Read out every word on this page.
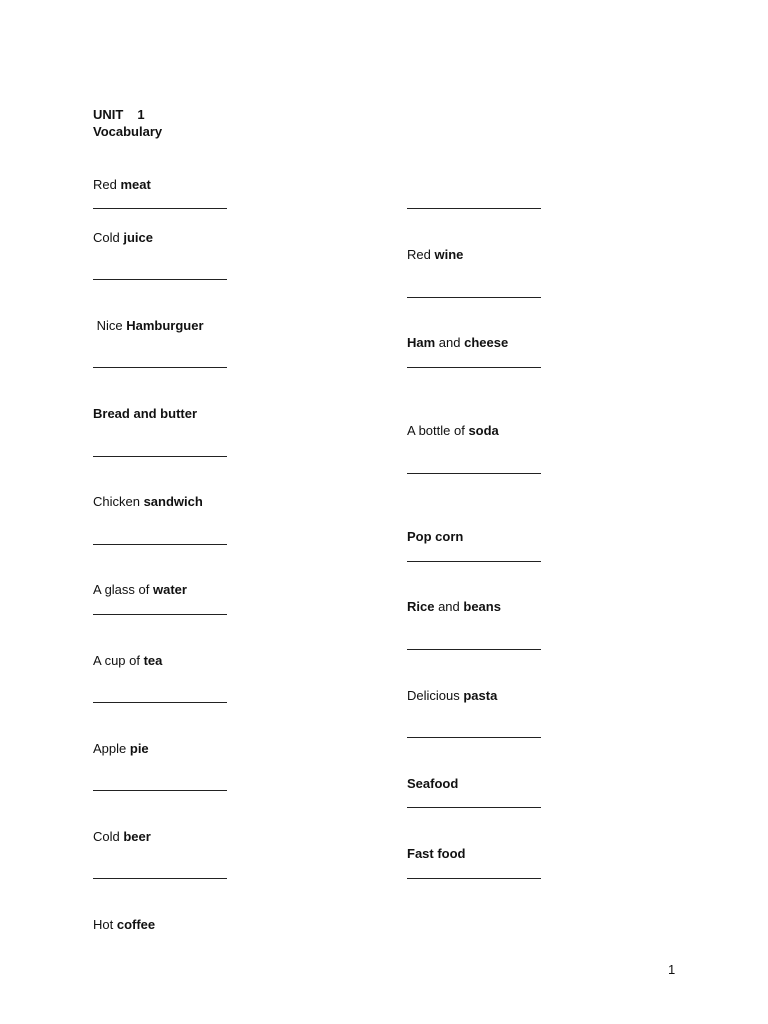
UNIT 1
Vocabulary
Red meat
Cold juice
Nice Hamburguer
Bread and butter
Chicken sandwich
A glass of water
A cup of tea
Apple pie
Cold beer
Hot coffee
Red wine
Ham and cheese
A bottle of soda
Pop corn
Rice and beans
Delicious pasta
Seafood
Fast food
1
